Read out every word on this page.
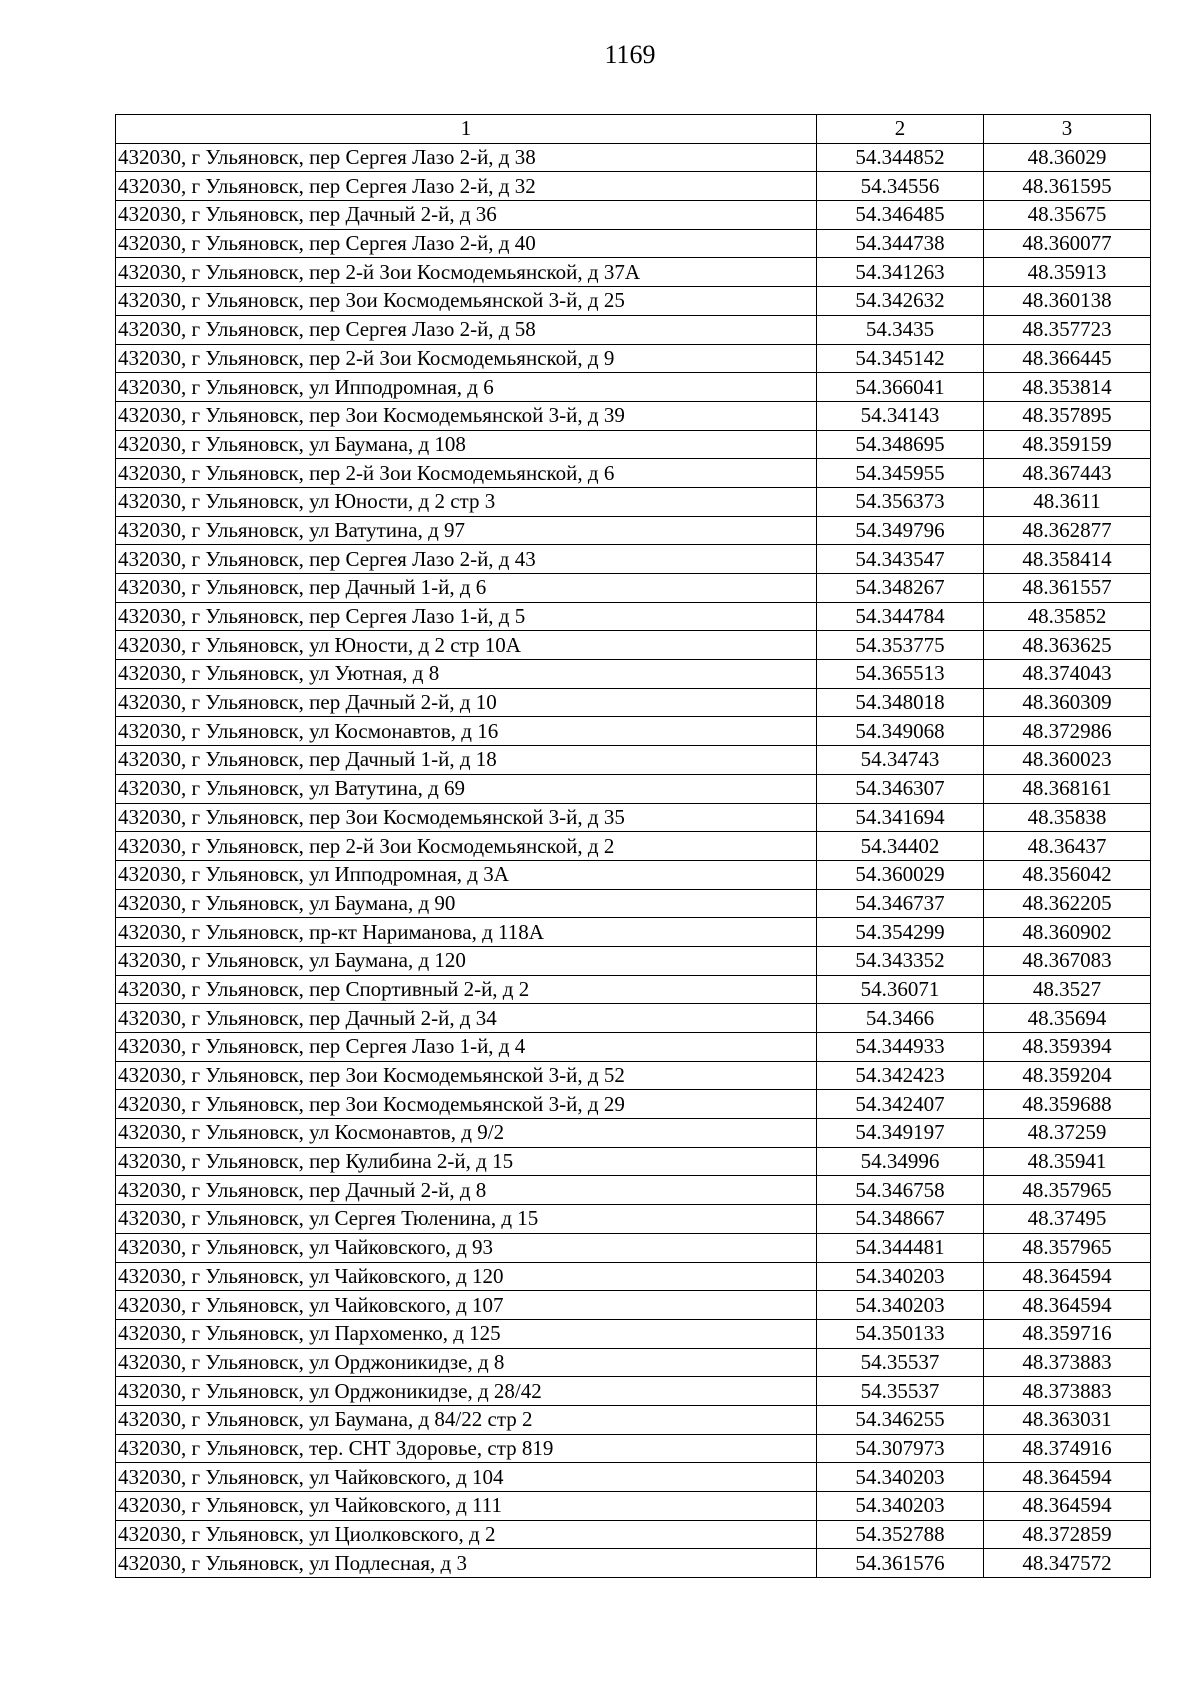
1169
1	2	3
432030, г Ульяновск, пер Сергея Лазо 2-й, д 38	54.344852	48.36029
432030, г Ульяновск, пер Сергея Лазо 2-й, д 32	54.34556	48.361595
432030, г Ульяновск, пер Дачный 2-й, д 36	54.346485	48.35675
432030, г Ульяновск, пер Сергея Лазо 2-й, д 40	54.344738	48.360077
432030, г Ульяновск, пер 2-й Зои Космодемьянской, д 37А	54.341263	48.35913
432030, г Ульяновск, пер Зои Космодемьянской 3-й, д 25	54.342632	48.360138
432030, г Ульяновск, пер Сергея Лазо 2-й, д 58	54.3435	48.357723
432030, г Ульяновск, пер 2-й Зои Космодемьянской, д 9	54.345142	48.366445
432030, г Ульяновск, ул Ипподромная, д 6	54.366041	48.353814
432030, г Ульяновск, пер Зои Космодемьянской 3-й, д 39	54.34143	48.357895
432030, г Ульяновск, ул Баумана, д 108	54.348695	48.359159
432030, г Ульяновск, пер 2-й Зои Космодемьянской, д 6	54.345955	48.367443
432030, г Ульяновск, ул Юности, д 2 стр 3	54.356373	48.3611
432030, г Ульяновск, ул Ватутина, д 97	54.349796	48.362877
432030, г Ульяновск, пер Сергея Лазо 2-й, д 43	54.343547	48.358414
432030, г Ульяновск, пер Дачный 1-й, д 6	54.348267	48.361557
432030, г Ульяновск, пер Сергея Лазо 1-й, д 5	54.344784	48.35852
432030, г Ульяновск, ул Юности, д 2 стр 10А	54.353775	48.363625
432030, г Ульяновск, ул Уютная, д 8	54.365513	48.374043
432030, г Ульяновск, пер Дачный 2-й, д 10	54.348018	48.360309
432030, г Ульяновск, ул Космонавтов, д 16	54.349068	48.372986
432030, г Ульяновск, пер Дачный 1-й, д 18	54.34743	48.360023
432030, г Ульяновск, ул Ватутина, д 69	54.346307	48.368161
432030, г Ульяновск, пер Зои Космодемьянской 3-й, д 35	54.341694	48.35838
432030, г Ульяновск, пер 2-й Зои Космодемьянской, д 2	54.34402	48.36437
432030, г Ульяновск, ул Ипподромная, д 3А	54.360029	48.356042
432030, г Ульяновск, ул Баумана, д 90	54.346737	48.362205
432030, г Ульяновск, пр-кт Нариманова, д 118А	54.354299	48.360902
432030, г Ульяновск, ул Баумана, д 120	54.343352	48.367083
432030, г Ульяновск, пер Спортивный 2-й, д 2	54.36071	48.3527
432030, г Ульяновск, пер Дачный 2-й, д 34	54.3466	48.35694
432030, г Ульяновск, пер Сергея Лазо 1-й, д 4	54.344933	48.359394
432030, г Ульяновск, пер Зои Космодемьянской 3-й, д 52	54.342423	48.359204
432030, г Ульяновск, пер Зои Космодемьянской 3-й, д 29	54.342407	48.359688
432030, г Ульяновск, ул Космонавтов, д 9/2	54.349197	48.37259
432030, г Ульяновск, пер Кулибина 2-й, д 15	54.34996	48.35941
432030, г Ульяновск, пер Дачный 2-й, д 8	54.346758	48.357965
432030, г Ульяновск, ул Сергея Тюленина, д 15	54.348667	48.37495
432030, г Ульяновск, ул Чайковского, д 93	54.344481	48.357965
432030, г Ульяновск, ул Чайковского, д 120	54.340203	48.364594
432030, г Ульяновск, ул Чайковского, д 107	54.340203	48.364594
432030, г Ульяновск, ул Пархоменко, д 125	54.350133	48.359716
432030, г Ульяновск, ул Орджоникидзе, д 8	54.35537	48.373883
432030, г Ульяновск, ул Орджоникидзе, д 28/42	54.35537	48.373883
432030, г Ульяновск, ул Баумана, д 84/22 стр 2	54.346255	48.363031
432030, г Ульяновск, тер. СНТ Здоровье, стр 819	54.307973	48.374916
432030, г Ульяновск, ул Чайковского, д 104	54.340203	48.364594
432030, г Ульяновск, ул Чайковского, д 111	54.340203	48.364594
432030, г Ульяновск, ул Циолковского, д 2	54.352788	48.372859
432030, г Ульяновск, ул Подлесная, д 3	54.361576	48.347572
